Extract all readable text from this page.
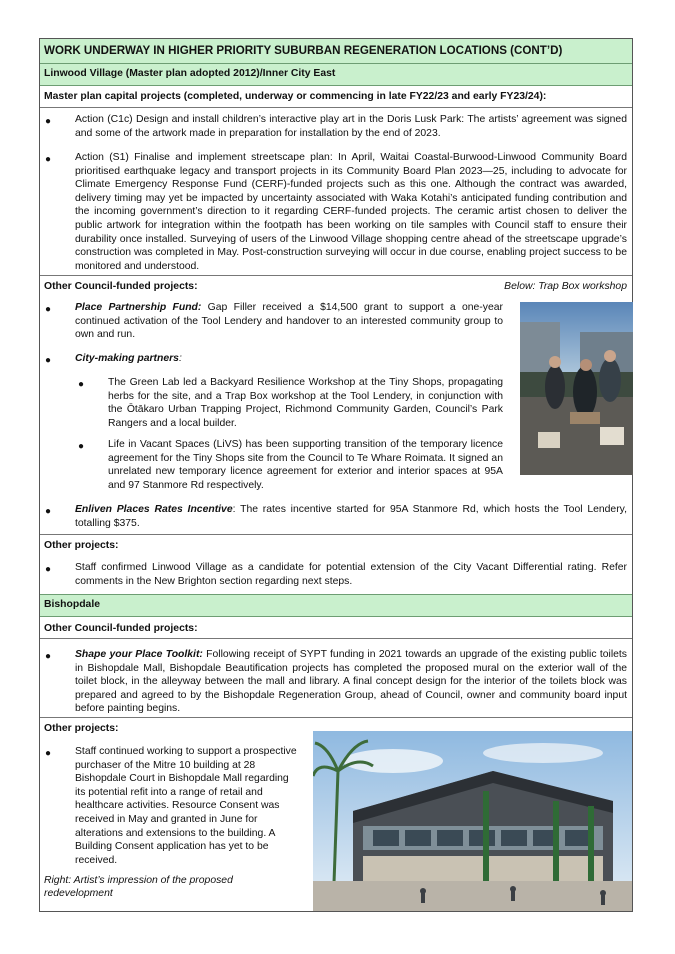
WORK UNDERWAY IN HIGHER PRIORITY SUBURBAN REGENERATION LOCATIONS (CONT’D)
Linwood Village (Master plan adopted 2012)/Inner City East
Master plan capital projects (completed, underway or commencing in late FY22/23 and early FY23/24):
● Action (C1c) Design and install children’s interactive play art in the Doris Lusk Park: The artists’ agreement was signed and some of the artwork made in preparation for installation by the end of 2023.
● Action (S1) Finalise and implement streetscape plan: In April, Waitai Coastal-Burwood-Linwood Community Board prioritised earthquake legacy and transport projects in its Community Board Plan 2023—25, including to advocate for Climate Emergency Response Fund (CERF)-funded projects such as this one. Although the contract was awarded, delivery timing may yet be impacted by uncertainty associated with Waka Kotahi’s anticipated funding contribution and the incoming government’s direction to it regarding CERF-funded projects. The ceramic artist chosen to deliver the public artwork for integration within the footpath has been working on tile samples with Council staff to ensure their durability once installed. Surveying of users of the Linwood Village shopping centre ahead of the streetscape upgrade’s construction was completed in May. Post-construction surveying will occur in due course, enabling project success to be monitored and understood.
Other Council-funded projects:	Below: Trap Box workshop
● Place Partnership Fund: Gap Filler received a $14,500 grant to support a one-year continued activation of the Tool Lendery and handover to an interested community group to own and run.
● City-making partners:
● The Green Lab led a Backyard Resilience Workshop at the Tiny Shops, propagating herbs for the site, and a Trap Box workshop at the Tool Lendery, in conjunction with the Ōtākaro Urban Trapping Project, Richmond Community Garden, Council’s Park Rangers and a local builder.
● Life in Vacant Spaces (LiVS) has been supporting transition of the temporary licence agreement for the Tiny Shops site from the Council to Te Whare Roimata. It signed an unrelated new temporary licence agreement for exterior and interior spaces at 95A and 97 Stanmore Rd respectively.
● Enliven Places Rates Incentive: The rates incentive started for 95A Stanmore Rd, which hosts the Tool Lendery, totalling $375.
Other projects:
● Staff confirmed Linwood Village as a candidate for potential extension of the City Vacant Differential rating. Refer comments in the New Brighton section regarding next steps.
Bishopdale
Other Council-funded projects:
● Shape your Place Toolkit: Following receipt of SYPT funding in 2021 towards an upgrade of the existing public toilets in Bishopdale Mall, Bishopdale Beautification projects has completed the proposed mural on the exterior wall of the toilet block, in the alleyway between the mall and library. A final concept design for the interior of the toilets block was prepared and agreed to by the Bishopdale Regeneration Group, ahead of Council, owner and community board input before painting begins.
Other projects:
● Staff continued working to support a prospective purchaser of the Mitre 10 building at 28 Bishopdale Court in Bishopdale Mall regarding its potential refit into a range of retail and healthcare activities. Resource Consent was received in May and granted in June for alterations and extensions to the building. A Building Consent application has yet to be received.
Right: Artist’s impression of the proposed redevelopment
